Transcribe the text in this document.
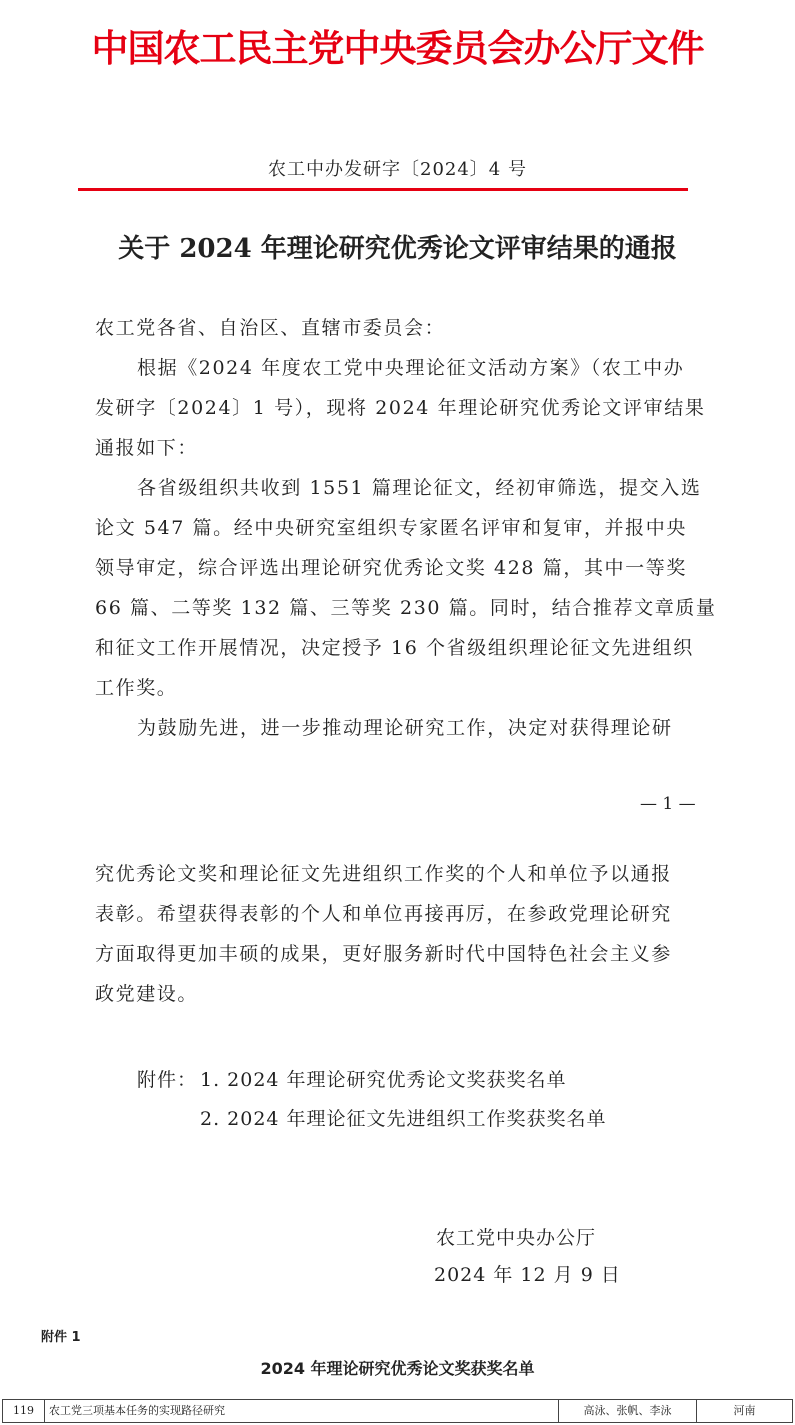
中国农工民主党中央委员会办公厅文件
农工中办发研字〔2024〕4 号
关于 2024 年理论研究优秀论文评审结果的通报
农工党各省、自治区、直辖市委员会：
根据《2024 年度农工党中央理论征文活动方案》（农工中办
发研字〔2024〕1 号），现将 2024 年理论研究优秀论文评审结果
通报如下：
各省级组织共收到 1551 篇理论征文，经初审筛选，提交入选
论文 547 篇。经中央研究室组织专家匿名评审和复审，并报中央
领导审定，综合评选出理论研究优秀论文奖 428 篇，其中一等奖
66 篇、二等奖 132 篇、三等奖 230 篇。同时，结合推荐文章质量
和征文工作开展情况，决定授予 16 个省级组织理论征文先进组织
工作奖。
为鼓励先进，进一步推动理论研究工作，决定对获得理论研
— 1 —
究优秀论文奖和理论征文先进组织工作奖的个人和单位予以通报
表彰。希望获得表彰的个人和单位再接再厉，在参政党理论研究
方面取得更加丰硕的成果，更好服务新时代中国特色社会主义参
政党建设。
附件： 1. 2024 年理论研究优秀论文奖获奖名单
2. 2024 年理论征文先进组织工作奖获奖名单
农工党中央办公厅
2024 年 12 月 9 日
附件 1
2024 年理论研究优秀论文奖获奖名单
119	农工党三项基本任务的实现路径研究	高泳、张帆、李泳	河南
